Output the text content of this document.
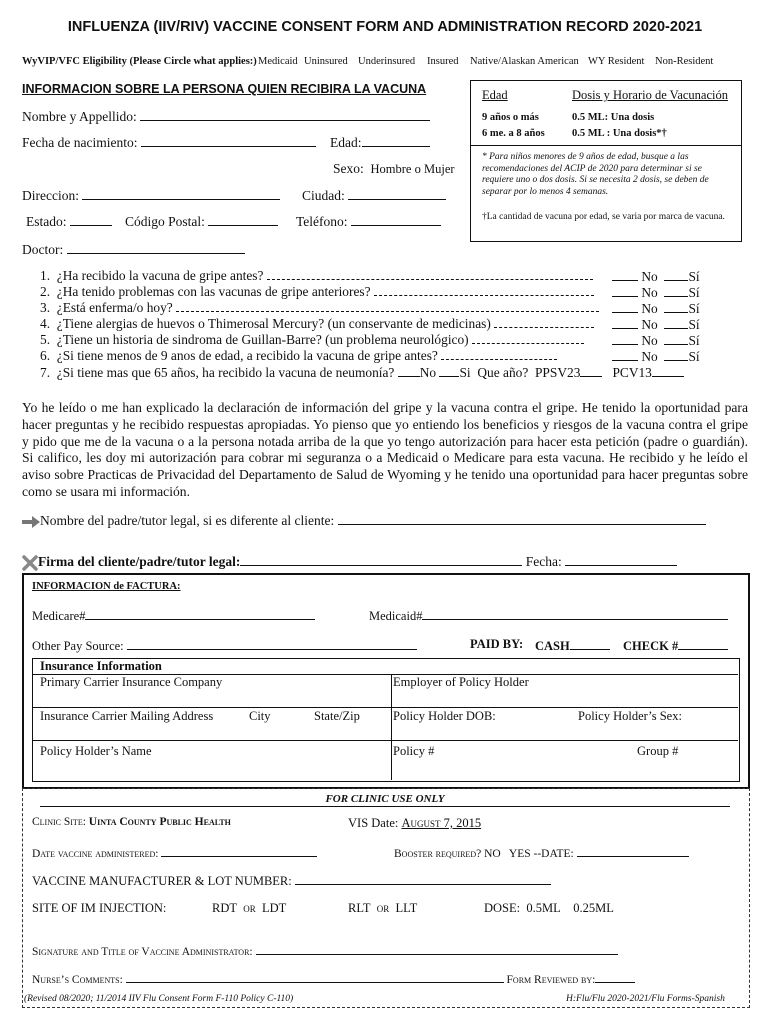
INFLUENZA (IIV/RIV) VACCINE CONSENT FORM AND ADMINISTRATION RECORD 2020-2021
WyVIP/VFC Eligibility (Please Circle what applies:) Medicaid Uninsured Underinsured Insured Native/Alaskan American WY Resident Non-Resident
INFORMACION SOBRE LA PERSONA QUIEN RECIBIRA LA VACUNA
Nombre y Appellido:
Fecha de nacimiento:	Edad:
Sexo: Hombre o Mujer
Direccion:	Ciudad:
Estado:	Código Postal:	Teléfono:
Doctor:
Edad	Dosis y Horario de Vacunación
9 años o más	0.5 ML: Una dosis
6 me. a 8 años	0.5 ML : Una dosis*†
* Para niños menores de 9 años de edad, busque a las recomendaciones del ACIP de 2020 para determinar si se requiere uno o dos dosis. Si se necesita 2 dosis, se deben de separar por lo menos 4 semanas.
†La cantidad de vacuna por edad, se varia por marca de vacuna.
1.  ¿Ha recibido la vacuna de gripe antes?
2.  ¿Ha tenido problemas con las vacunas de gripe anteriores?
3.  ¿Está enferma/o hoy?
4.  ¿Tiene alergias de huevos o Thimerosal Mercury? (un conservante de medicinas)
5.  ¿Tiene un historia de sindroma de Guillan-Barre? (un problema neurológico)
6.  ¿Si tiene menos de 9 anos de edad, a recibido la vacuna de gripe antes?
No Sí
No Sí
No Sí
No Sí
No Sí
No Sí
7.  ¿Si tiene mas que 65 años, ha recibido la vacuna de neumonía? No Si Que año? PPSV23 PCV13
Yo he leído o me han explicado la declaración de información del gripe y la vacuna contra el gripe. He tenido la oportunidad para hacer preguntas y he recibido respuestas apropiadas. Yo pienso que yo entiendo los beneficios y riesgos de la vacuna contra el gripe y pido que me de la vacuna o a la persona notada arriba de la que yo tengo autorización para hacer esta petición (padre o guardián). Si califico, les doy mi autorización para cobrar mi seguranza o a Medicaid o Medicare para esta vacuna. He recibido y he leído el aviso sobre Practicas de Privacidad del Departamento de Salud de Wyoming y he tenido una oportunidad para hacer preguntas sobre como se usara mi información.
Nombre del padre/tutor legal, si es diferente al cliente:
Firma del cliente/padre/tutor legal:	Fecha:
INFORMACION de FACTURA:
Medicare#	Medicaid#
Other Pay Source:	PAID BY: CASH	CHECK #
Insurance Information
Primary Carrier Insurance Company	Employer of Policy Holder
Insurance Carrier Mailing Address	City	State/Zip	Policy Holder DOB:	Policy Holder’s Sex:
Policy Holder’s Name	Policy #	Group #
FOR CLINIC USE ONLY
Clinic Site: Uinta County Public Health	VIS Date: August 7, 2015
Date vaccine administered:	Booster required? NO YES --DATE:
VACCINE MANUFACTURER & LOT NUMBER:
SITE OF IM INJECTION:	RDT OR LDT	RLT OR LLT	DOSE: 0.5ML 0.25ML
Signature and Title of Vaccine Administrator:
Nurse’s Comments:	Form Reviewed by:
(Revised 08/2020; 11/2014 IIV Flu Consent Form F-110 Policy C-110)	H:Flu/Flu 2020-2021/Flu Forms-Spanish
